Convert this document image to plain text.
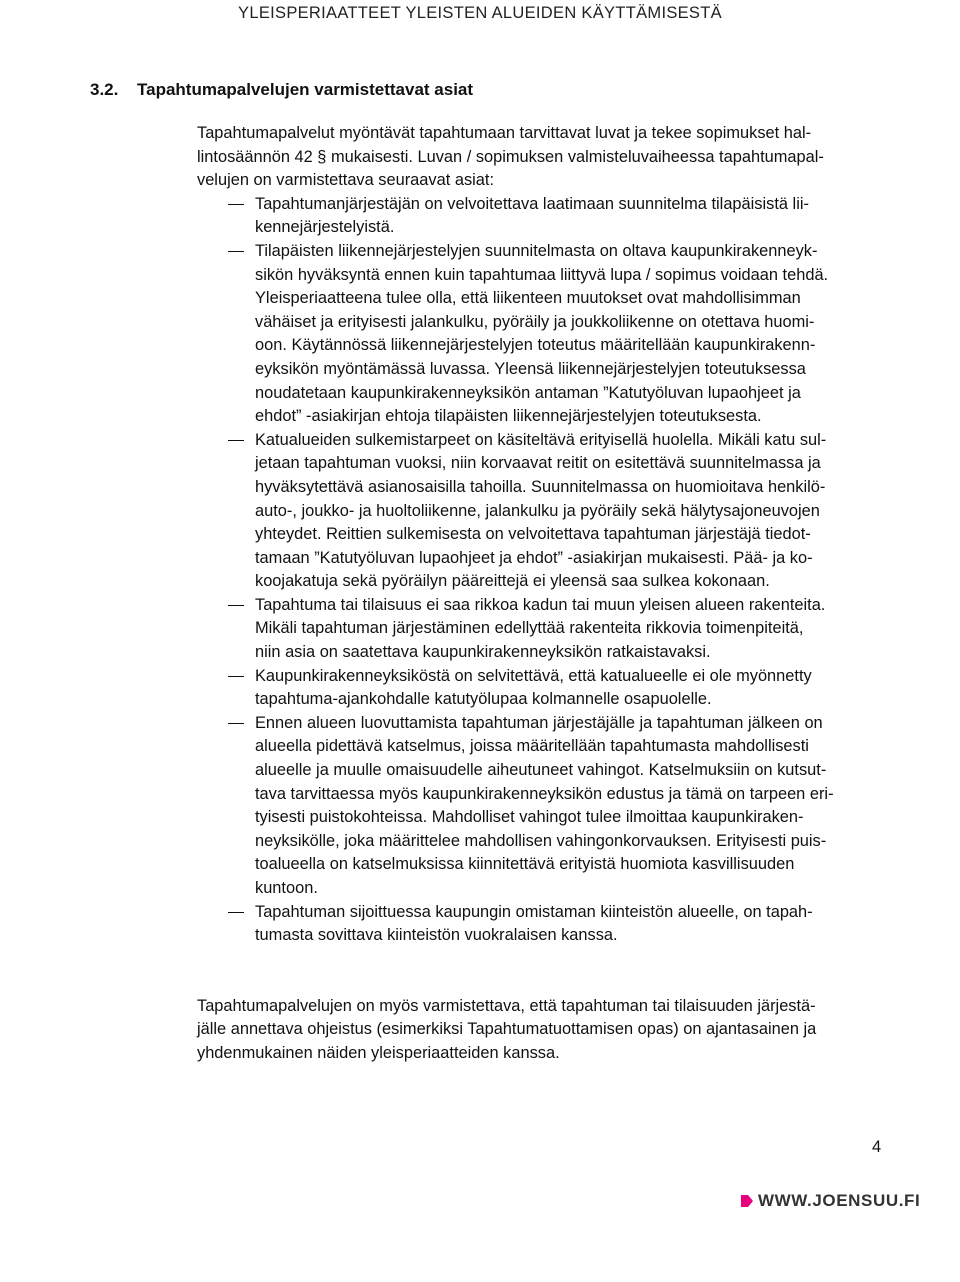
YLEISPERIAATTEET YLEISTEN ALUEIDEN KÄYTTÄMISESTÄ
3.2. Tapahtumapalvelujen varmistettavat asiat

Tapahtumapalvelut myöntävät tapahtumaan tarvittavat luvat ja tekee sopimukset hal-
lintosäännön 42 § mukaisesti. Luvan / sopimuksen valmisteluvaiheessa tapahtumapal-
velujen on varmistettava seuraavat asiat:

Tapahtumanjärjestäjän on velvoitettava laatimaan suunnitelma tilapäisistä lii-
kennejärjestelyistä.
Tilapäisten liikennejärjestelyjen suunnitelmasta on oltava kaupunkirakenneyk-
sikön hyväksyntä ennen kuin tapahtumaa liittyvä lupa / sopimus voidaan tehdä.
Yleisperiaatteena tulee olla, että liikenteen muutokset ovat mahdollisimman
vähäiset ja erityisesti jalankulku, pyöräily ja joukkoliikenne on otettava huomi-
oon. Käytännössä liikennejärjestelyjen toteutus määritellään kaupunkirakenn-
eyksikön myöntämässä luvassa. Yleensä liikennejärjestelyjen toteutuksessa
noudatetaan kaupunkirakenneyksikön antaman ”Katutyöluvan lupaohjeet ja
ehdot” -asiakirjan ehtoja tilapäisten liikennejärjestelyjen toteutuksesta.
Katualueiden sulkemistarpeet on käsiteltävä erityisellä huolella. Mikäli katu sul-
jetaan tapahtuman vuoksi, niin korvaavat reitit on esitettävä suunnitelmassa ja
hyväksytettävä asianosaisilla tahoilla. Suunnitelmassa on huomioitava henkilö-
auto-, joukko- ja huoltoliikenne, jalankulku ja pyöräily sekä hälytysajoneuvojen
yhteydet. Reittien sulkemisesta on velvoitettava tapahtuman järjestäjä tiedot-
tamaan ”Katutyöluvan lupaohjeet ja ehdot” -asiakirjan mukaisesti. Pää- ja ko-
koojakatuja sekä pyöräilyn pääreittejä ei yleensä saa sulkea kokonaan.
Tapahtuma tai tilaisuus ei saa rikkoa kadun tai muun yleisen alueen rakenteita.
Mikäli tapahtuman järjestäminen edellyttää rakenteita rikkovia toimenpiteitä,
niin asia on saatettava kaupunkirakenneyksikön ratkaistavaksi.
Kaupunkirakenneyksiköstä on selvitettävä, että katualueelle ei ole myönnetty
tapahtuma-ajankohdalle katutyölupaa kolmannelle osapuolelle.
Ennen alueen luovuttamista tapahtuman järjestäjälle ja tapahtuman jälkeen on
alueella pidettävä katselmus, joissa määritellään tapahtumasta mahdollisesti
alueelle ja muulle omaisuudelle aiheutuneet vahingot. Katselmuksiin on kutsut-
tava tarvittaessa myös kaupunkirakenneyksikön edustus ja tämä on tarpeen eri-
tyisesti puistokohteissa. Mahdolliset vahingot tulee ilmoittaa kaupunkiraken-
neyksikölle, joka määrittelee mahdollisen vahingonkorvauksen. Erityisesti puis-
toalueella on katselmuksissa kiinnitettävä erityistä huomiota kasvillisuuden
kuntoon.
Tapahtuman sijoittuessa kaupungin omistaman kiinteistön alueelle, on tapah-
tumasta sovittava kiinteistön vuokralaisen kanssa.

Tapahtumapalvelujen on myös varmistettava, että tapahtuman tai tilaisuuden järjestä-
jälle annettava ohjeistus (esimerkiksi Tapahtumatuottamisen opas) on ajantasainen ja
yhdenmukainen näiden yleisperiaatteiden kanssa.

4
WWW.JOENSUU.FI
